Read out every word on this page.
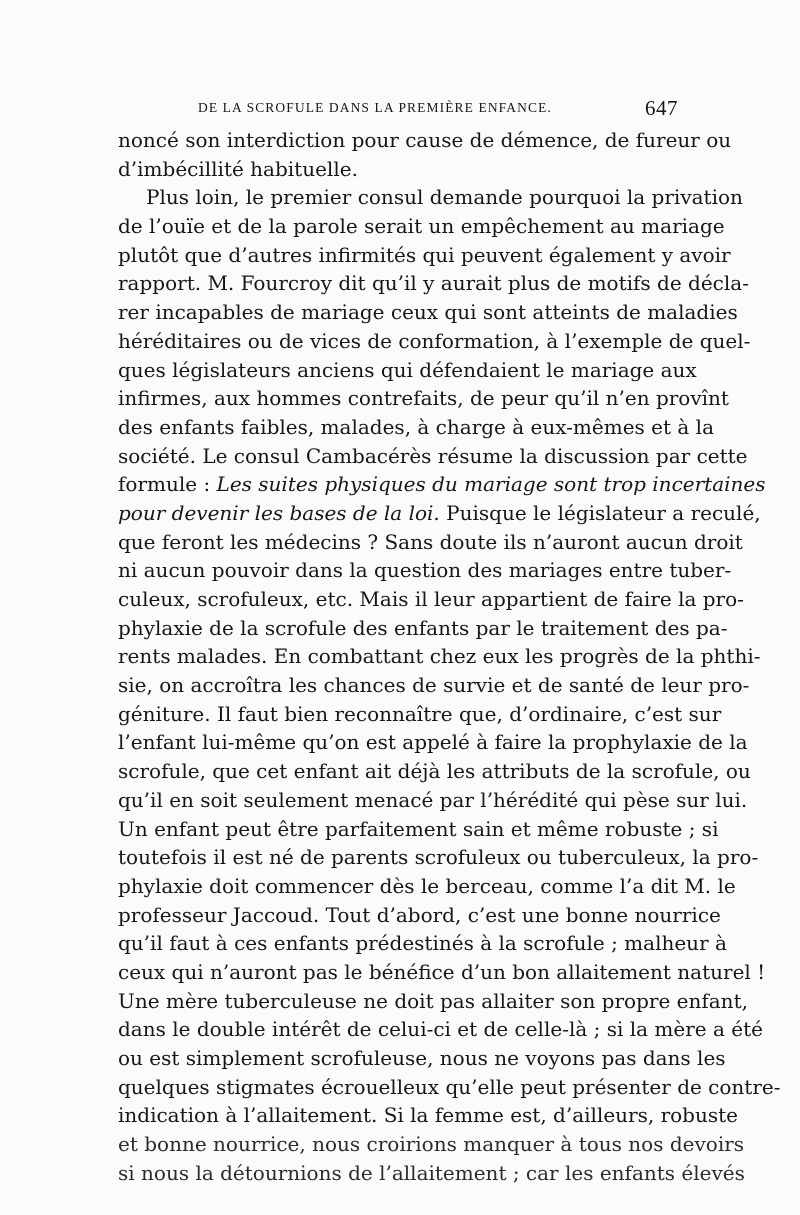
DE LA SCROFULE DANS LA PREMIÈRE ENFANCE.	647
noncé son interdiction pour cause de démence, de fureur ou
d’imbécillité habituelle.
Plus loin, le premier consul demande pourquoi la privation
de l’ouïe et de la parole serait un empêchement au mariage
plutôt que d’autres infirmités qui peuvent également y avoir
rapport. M. Fourcroy dit qu’il y aurait plus de motifs de décla-
rer incapables de mariage ceux qui sont atteints de maladies
héréditaires ou de vices de conformation, à l’exemple de quel-
ques législateurs anciens qui défendaient le mariage aux
infirmes, aux hommes contrefaits, de peur qu’il n’en provînt
des enfants faibles, malades, à charge à eux-mêmes et à la
société. Le consul Cambacérès résume la discussion par cette
formule : Les suites physiques du mariage sont trop incertaines
pour devenir les bases de la loi. Puisque le législateur a reculé,
que feront les médecins ? Sans doute ils n’auront aucun droit
ni aucun pouvoir dans la question des mariages entre tuber-
culeux, scrofuleux, etc. Mais il leur appartient de faire la pro-
phylaxie de la scrofule des enfants par le traitement des pa-
rents malades. En combattant chez eux les progrès de la phthi-
sie, on accroîtra les chances de survie et de santé de leur pro-
géniture. Il faut bien reconnaître que, d’ordinaire, c’est sur
l’enfant lui-même qu’on est appelé à faire la prophylaxie de la
scrofule, que cet enfant ait déjà les attributs de la scrofule, ou
qu’il en soit seulement menacé par l’hérédité qui pèse sur lui.
Un enfant peut être parfaitement sain et même robuste ; si
toutefois il est né de parents scrofuleux ou tuberculeux, la pro-
phylaxie doit commencer dès le berceau, comme l’a dit M. le
professeur Jaccoud. Tout d’abord, c’est une bonne nourrice
qu’il faut à ces enfants prédestinés à la scrofule ; malheur à
ceux qui n’auront pas le bénéfice d’un bon allaitement naturel !
Une mère tuberculeuse ne doit pas allaiter son propre enfant,
dans le double intérêt de celui-ci et de celle-là ; si la mère a été
ou est simplement scrofuleuse, nous ne voyons pas dans les
quelques stigmates écrouelleux qu’elle peut présenter de contre-
indication à l’allaitement. Si la femme est, d’ailleurs, robuste
et bonne nourrice, nous croirions manquer à tous nos devoirs
si nous la détournions de l’allaitement ; car les enfants élevés
